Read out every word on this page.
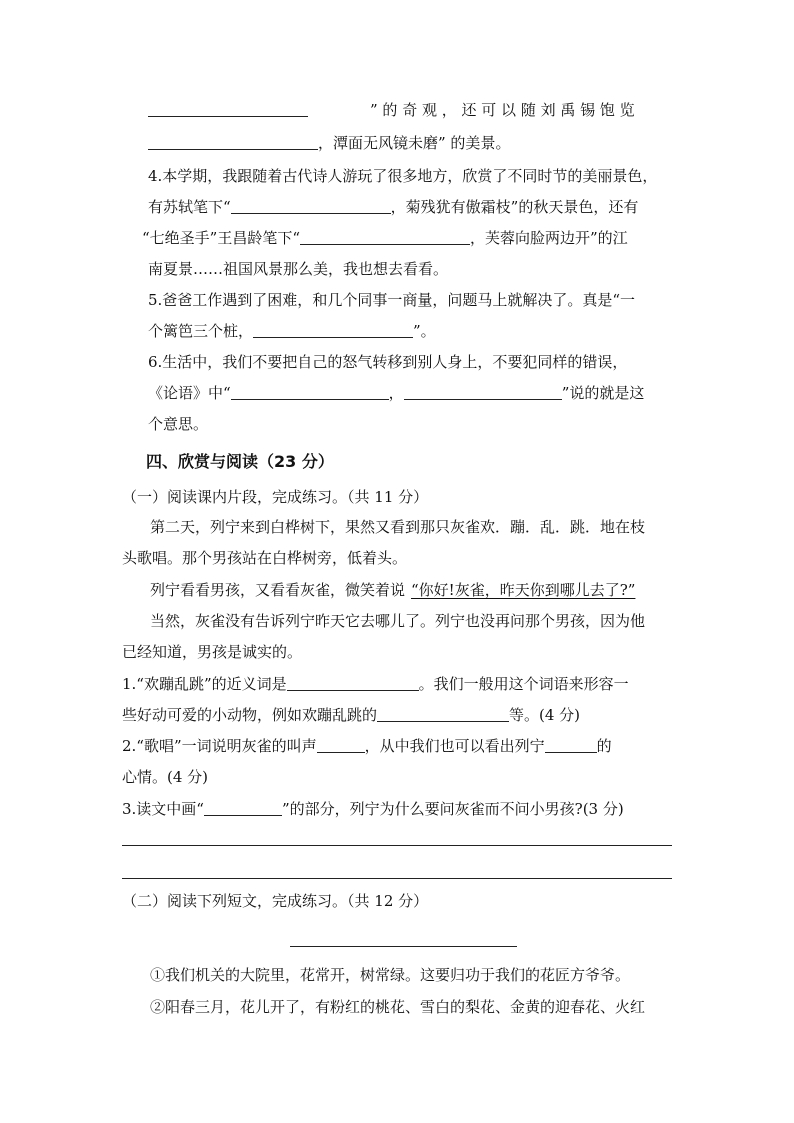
” 的 奇 观 ， 还 可 以 随 刘 禹 锡 饱 览
，潭面无风镜未磨” 的美景。
4.本学期，我跟随着古代诗人游玩了很多地方，欣赏了不同时节的美丽景色，
有苏轼笔下“	，菊残犹有傲霜枝”的秋天景色，还有
“七绝圣手”王昌龄笔下“	，芙蓉向脸两边开”的江
南夏景……祖国风景那么美，我也想去看看。
5.爸爸工作遇到了困难，和几个同事一商量，问题马上就解决了。真是“一
个篱笆三个桩，	”。
6.生活中，我们不要把自己的怒气转移到别人身上，不要犯同样的错误，
《论语》中“	，	”说的就是这
个意思。
四、欣赏与阅读（23 分）
（一）阅读课内片段，完成练习。（共 11 分）
第二天，列宁来到白桦树下，果然又看到那只灰雀欢．蹦．乱．跳．地在枝
头歌唱。那个男孩站在白桦树旁，低着头。
列宁看看男孩，又看看灰雀，微笑着说 “你好!灰雀，昨天你到哪儿去了?”
当然，灰雀没有告诉列宁昨天它去哪儿了。列宁也没再问那个男孩，因为他
已经知道，男孩是诚实的。
1.“欢蹦乱跳”的近义词是	。我们一般用这个词语来形容一
些好动可爱的小动物，例如欢蹦乱跳的	等。(4 分)
2.“歌唱”一词说明灰雀的叫声	，从中我们也可以看出列宁	的
心情。(4 分)
3.读文中画“	”的部分，列宁为什么要问灰雀而不问小男孩?(3 分)
（二）阅读下列短文，完成练习。（共 12 分）
①我们机关的大院里，花常开，树常绿。这要归功于我们的花匠方爷爷。
②阳春三月，花儿开了，有粉红的桃花、雪白的梨花、金黄的迎春花、火红
